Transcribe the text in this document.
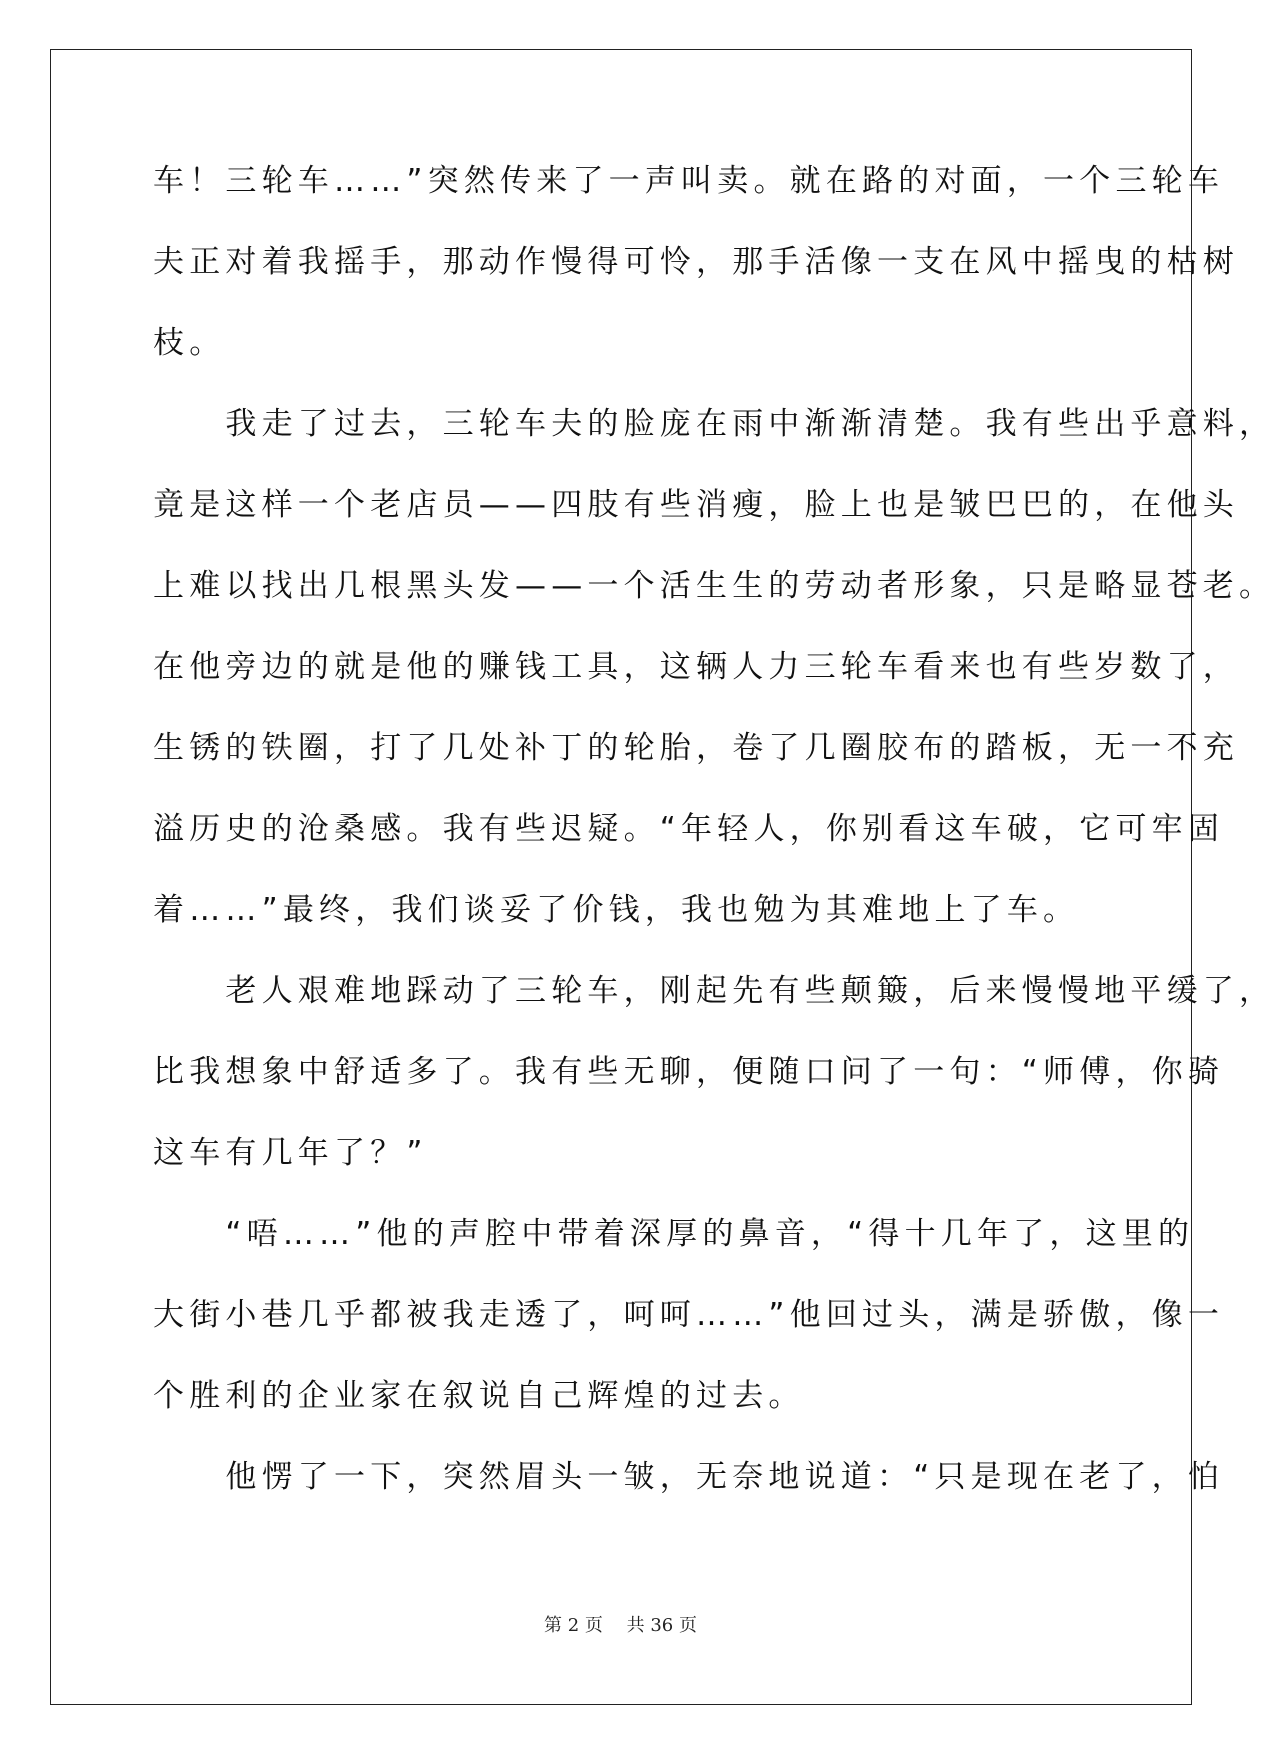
车！三轮车……”突然传来了一声叫卖。就在路的对面，一个三轮车
夫正对着我摇手，那动作慢得可怜，那手活像一支在风中摇曳的枯树
枝。
　　我走了过去，三轮车夫的脸庞在雨中渐渐清楚。我有些出乎意料，
竟是这样一个老店员——四肢有些消瘦，脸上也是皱巴巴的，在他头
上难以找出几根黑头发——一个活生生的劳动者形象，只是略显苍老。
在他旁边的就是他的赚钱工具，这辆人力三轮车看来也有些岁数了，
生锈的铁圈，打了几处补丁的轮胎，卷了几圈胶布的踏板，无一不充
溢历史的沧桑感。我有些迟疑。“年轻人，你别看这车破，它可牢固
着……”最终，我们谈妥了价钱，我也勉为其难地上了车。
　　老人艰难地踩动了三轮车，刚起先有些颠簸，后来慢慢地平缓了，
比我想象中舒适多了。我有些无聊，便随口问了一句：“师傅，你骑
这车有几年了？”
　　“唔……”他的声腔中带着深厚的鼻音，“得十几年了，这里的
大街小巷几乎都被我走透了，呵呵……”他回过头，满是骄傲，像一
个胜利的企业家在叙说自己辉煌的过去。
　　他愣了一下，突然眉头一皱，无奈地说道：“只是现在老了，怕
第 2 页　 共 36 页
